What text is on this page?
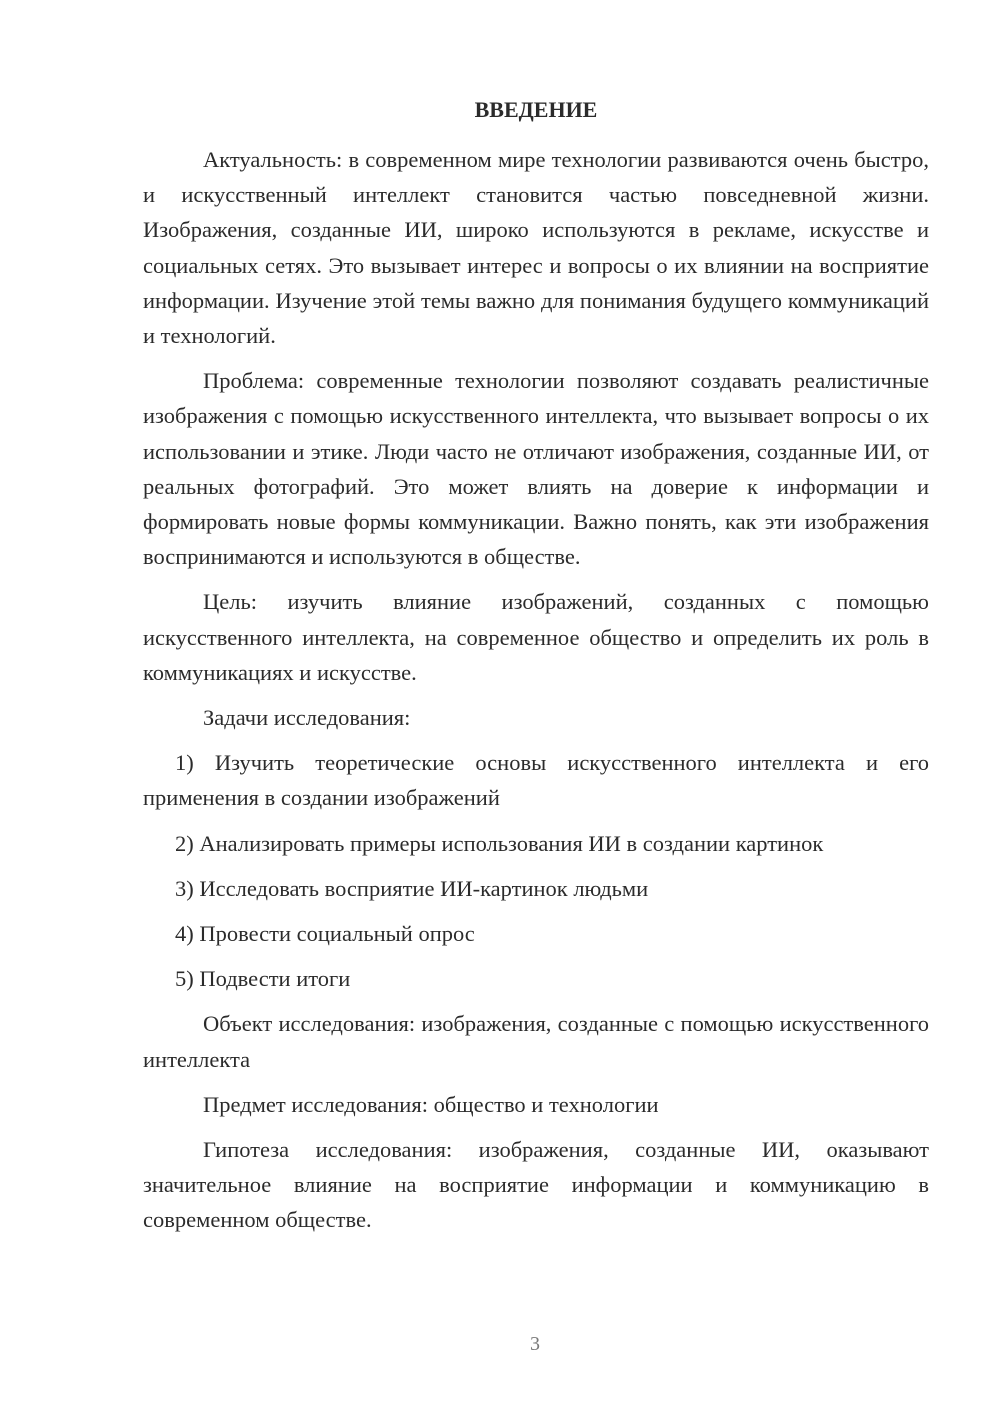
ВВЕДЕНИЕ

Актуальность: в современном мире технологии развиваются очень быстро, и искусственный интеллект становится частью повседневной жизни. Изображения, созданные ИИ, широко используются в рекламе, искусстве и социальных сетях. Это вызывает интерес и вопросы о их влиянии на восприятие информации. Изучение этой темы важно для понимания будущего коммуникаций и технологий.

Проблема: современные технологии позволяют создавать реалистичные изображения с помощью искусственного интеллекта, что вызывает вопросы о их использовании и этике. Люди часто не отличают изображения, созданные ИИ, от реальных фотографий. Это может влиять на доверие к информации и формировать новые формы коммуникации. Важно понять, как эти изображения воспринимаются и используются в обществе.

Цель: изучить влияние изображений, созданных с помощью искусственного интеллекта, на современное общество и определить их роль в коммуникациях и искусстве.

Задачи исследования:

1) Изучить теоретические основы искусственного интеллекта и его применения в создании изображений

2) Анализировать примеры использования ИИ в создании картинок

3) Исследовать восприятие ИИ-картинок людьми

4) Провести социальный опрос

5) Подвести итоги

Объект исследования: изображения, созданные с помощью искусственного интеллекта

Предмет исследования: общество и технологии

Гипотеза исследования: изображения, созданные ИИ, оказывают значительное влияние на восприятие информации и коммуникацию в современном обществе.

3
